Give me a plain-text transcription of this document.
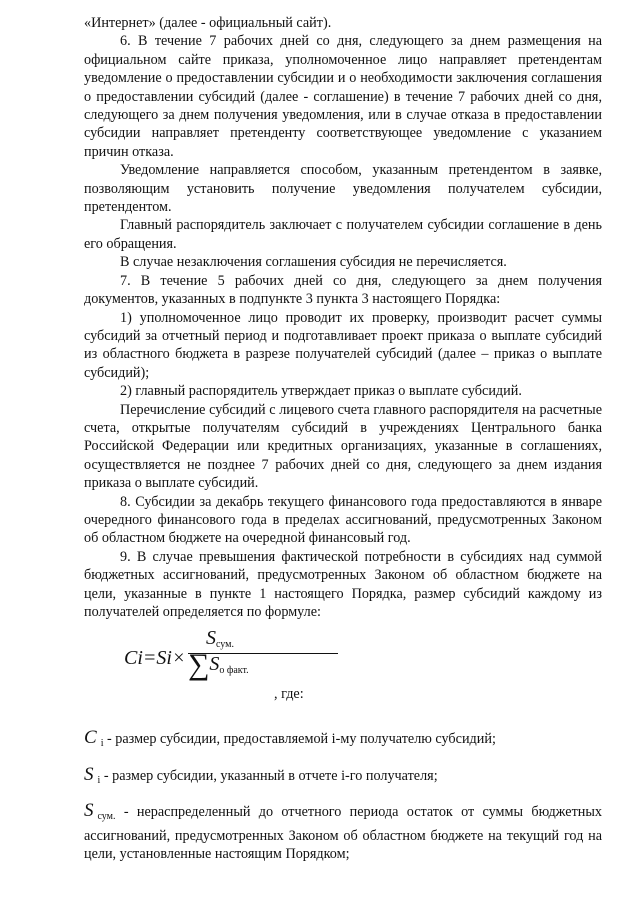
«Интернет» (далее - официальный сайт).

6. В течение 7 рабочих дней со дня, следующего за днем размещения на официальном сайте приказа, уполномоченное лицо направляет претендентам уведомление о предоставлении субсидии и о необходимости заключения соглашения о предоставлении субсидий (далее - соглашение) в течение 7 рабочих дней со дня, следующего за днем получения уведомления, или в случае отказа в предоставлении субсидии направляет претенденту соответствующее уведомление с указанием причин отказа.

Уведомление направляется способом, указанным претендентом в заявке, позволяющим установить получение уведомления получателем субсидии, претендентом.

Главный распорядитель заключает с получателем субсидии соглашение в день его обращения.

В случае незаключения соглашения субсидия не перечисляется.

7. В течение 5 рабочих дней со дня, следующего за днем получения документов, указанных в подпункте 3 пункта 3 настоящего Порядка:

1) уполномоченное лицо проводит их проверку, производит расчет суммы субсидий за отчетный период и подготавливает проект приказа о выплате субсидий из областного бюджета в разрезе получателей субсидий (далее – приказ о выплате субсидий);

2) главный распорядитель утверждает приказ о выплате субсидий.

Перечисление субсидий с лицевого счета главного распорядителя на расчетные счета, открытые получателям субсидий в учреждениях Центрального банка Российской Федерации или кредитных организациях, указанные в соглашениях, осуществляется не позднее 7 рабочих дней со дня, следующего за днем издания приказа о выплате субсидий.

8. Субсидии за декабрь текущего финансового года предоставляются в январе очередного финансового года в пределах ассигнований, предусмотренных Законом об областном бюджете на очередной финансовый год.

9. В случае превышения фактической потребности в субсидиях над суммой бюджетных ассигнований, предусмотренных Законом об областном бюджете на цели, указанные в пункте 1 настоящего Порядка, размер субсидий каждому из получателей определяется по формуле:

Ci=Si×
$S_{сум.}$
$\sum S_{о факт.}$
, где:

C $_i$ - размер субсидии, предоставляемой i-му получателю субсидий;

S $_i$ - размер субсидии, указанный в отчете i-го получателя;

S $_{сум.}$ - нераспределенный до отчетного периода остаток от суммы бюджетных ассигнований, предусмотренных Законом об областном бюджете на текущий год на цели, установленные настоящим Порядком;
